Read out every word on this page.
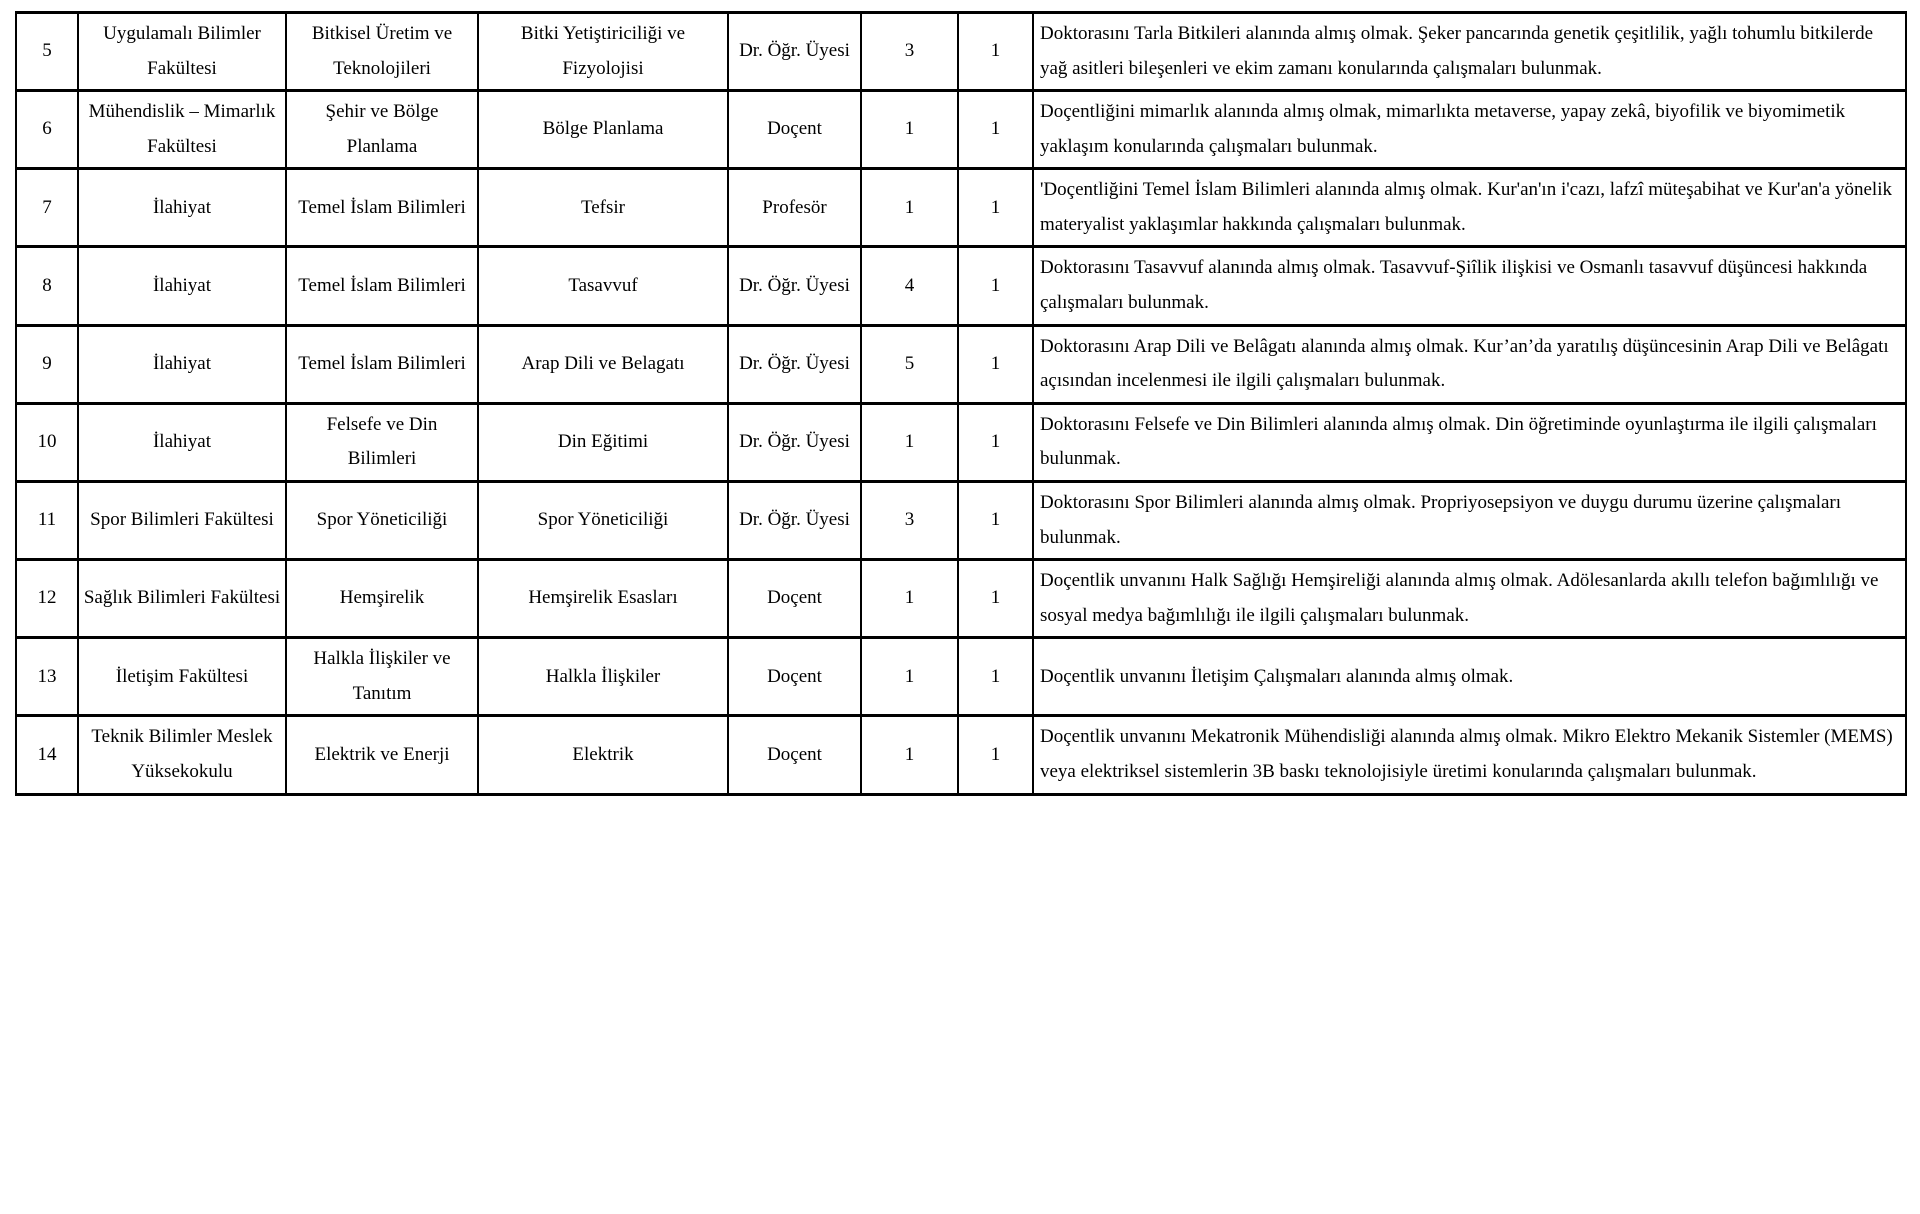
5	Uygulamalı Bilimler Fakültesi	Bitkisel Üretim ve Teknolojileri	Bitki Yetiştiriciliği ve Fizyolojisi	Dr. Öğr. Üyesi	3	1	Doktorasını Tarla Bitkileri alanında almış olmak. Şeker pancarında genetik çeşitlilik, yağlı tohumlu bitkilerde yağ asitleri bileşenleri ve ekim zamanı konularında çalışmaları bulunmak.
6	Mühendislik – Mimarlık Fakültesi	Şehir ve Bölge Planlama	Bölge Planlama	Doçent	1	1	Doçentliğini mimarlık alanında almış olmak, mimarlıkta metaverse, yapay zekâ, biyofilik ve biyomimetik yaklaşım konularında çalışmaları bulunmak.
7	İlahiyat	Temel İslam Bilimleri	Tefsir	Profesör	1	1	'Doçentliğini Temel İslam Bilimleri alanında almış olmak. Kur'an'ın i'cazı, lafzî müteşabihat ve Kur'an'a yönelik materyalist yaklaşımlar hakkında çalışmaları bulunmak.
8	İlahiyat	Temel İslam Bilimleri	Tasavvuf	Dr. Öğr. Üyesi	4	1	Doktorasını Tasavvuf alanında almış olmak. Tasavvuf-Şiîlik ilişkisi ve Osmanlı tasavvuf düşüncesi hakkında çalışmaları bulunmak.
9	İlahiyat	Temel İslam Bilimleri	Arap Dili ve Belagatı	Dr. Öğr. Üyesi	5	1	Doktorasını Arap Dili ve Belâgatı alanında almış olmak. Kur’an’da yaratılış düşüncesinin Arap Dili ve Belâgatı açısından incelenmesi ile ilgili çalışmaları bulunmak.
10	İlahiyat	Felsefe ve Din Bilimleri	Din Eğitimi	Dr. Öğr. Üyesi	1	1	Doktorasını Felsefe ve Din Bilimleri alanında almış olmak. Din öğretiminde oyunlaştırma ile ilgili çalışmaları bulunmak.
11	Spor Bilimleri Fakültesi	Spor Yöneticiliği	Spor Yöneticiliği	Dr. Öğr. Üyesi	3	1	Doktorasını Spor Bilimleri alanında almış olmak. Propriyosepsiyon ve duygu durumu üzerine çalışmaları bulunmak.
12	Sağlık Bilimleri Fakültesi	Hemşirelik	Hemşirelik Esasları	Doçent	1	1	Doçentlik unvanını Halk Sağlığı Hemşireliği alanında almış olmak. Adölesanlarda akıllı telefon bağımlılığı ve sosyal medya bağımlılığı ile ilgili çalışmaları bulunmak.
13	İletişim Fakültesi	Halkla İlişkiler ve Tanıtım	Halkla İlişkiler	Doçent	1	1	Doçentlik unvanını İletişim Çalışmaları alanında almış olmak.
14	Teknik Bilimler Meslek Yüksekokulu	Elektrik ve Enerji	Elektrik	Doçent	1	1	Doçentlik unvanını Mekatronik Mühendisliği alanında almış olmak. Mikro Elektro Mekanik Sistemler (MEMS) veya elektriksel sistemlerin 3B baskı teknolojisiyle üretimi konularında çalışmaları bulunmak.
